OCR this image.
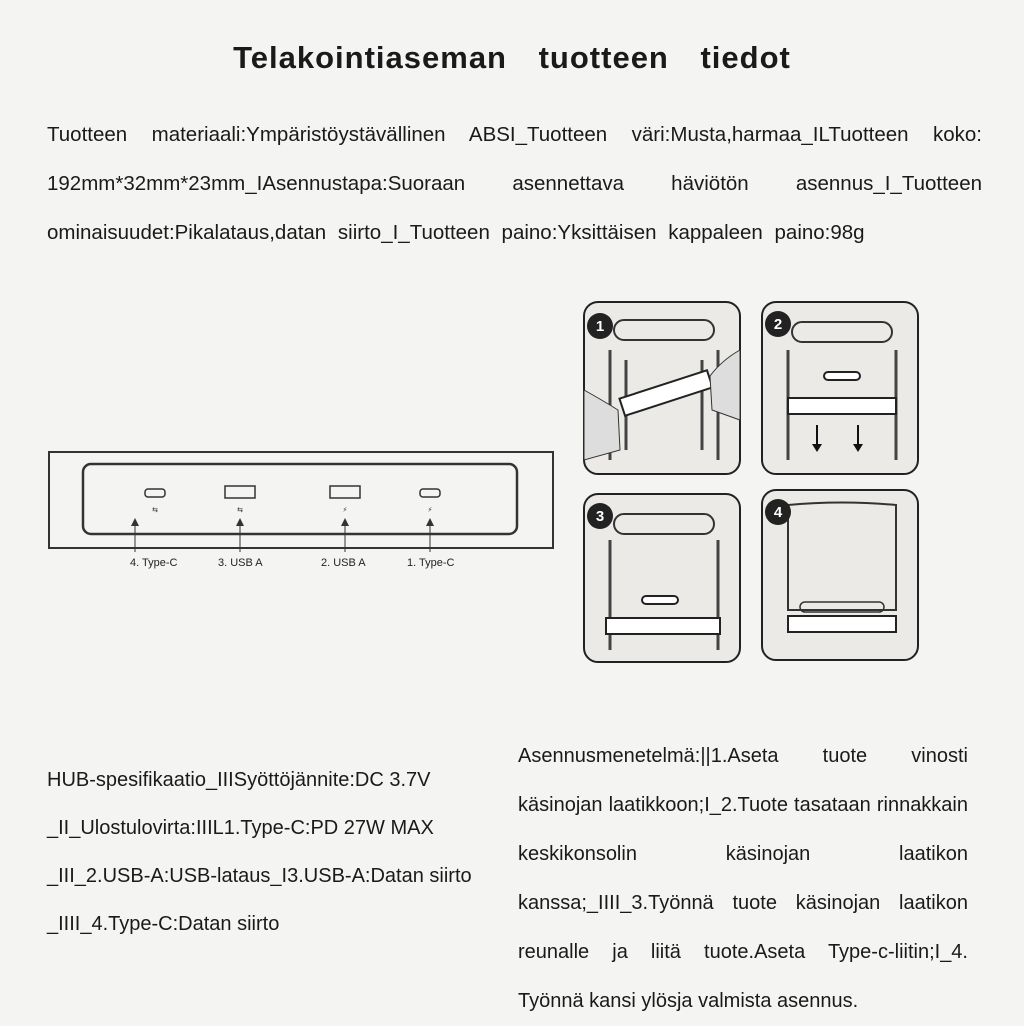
Telakointiaseman tuotteen tiedot
Tuotteen materiaali:Ympäristöystävällinen ABSI_Tuotteen väri:Musta,harmaa_ILTuotteen koko: 192mm*32mm*23mm_IAsennustapa:Suoraan asennettava häviötön asennus_I_Tuotteen ominaisuudet:Pikalataus,datan siirto_I_Tuotteen paino:Yksittäisen kappaleen paino:98g
⇆	⇆	⚡	⚡
4. Type-C	3. USB A	2. USB A	1. Type-C
1	2
3	4
HUB-spesifikaatio_IIISyöttöjännite:DC 3.7V
_II_Ulostulovirta:IIIL1.Type-C:PD 27W MAX
_III_2.USB-A:USB-lataus_I3.USB-A:Datan siirto
_IIII_4.Type-C:Datan siirto
Asennusmenetelmä:||1.Aseta tuote vinosti käsinojan laatikkoon;I_2.Tuote tasataan rinnakkain keskikonsolin käsinojan laatikon kanssa;_IIII_3.Työnnä tuote käsinojan laatikon reunalle ja liitä tuote.Aseta Type-c-liitin;I_4. Työnnä kansi ylösja valmista asennus.
